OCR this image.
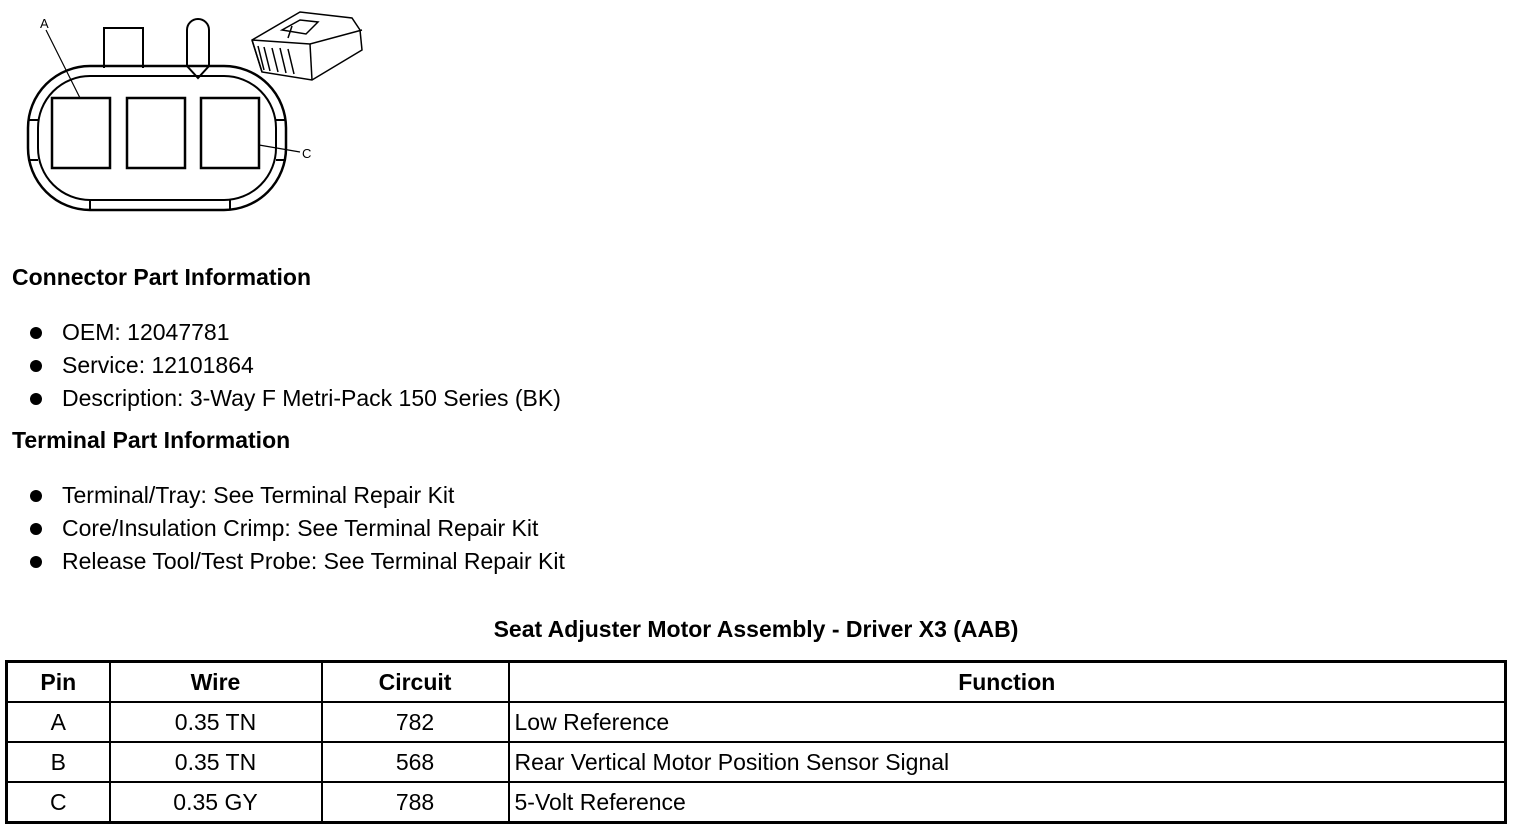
A
C
Connector Part Information
OEM: 12047781
Service: 12101864
Description: 3-Way F Metri-Pack 150 Series (BK)
Terminal Part Information
Terminal/Tray: See Terminal Repair Kit
Core/Insulation Crimp: See Terminal Repair Kit
Release Tool/Test Probe: See Terminal Repair Kit
Seat Adjuster Motor Assembly - Driver X3 (AAB)
Pin	Wire	Circuit	Function
A	0.35 TN	782	Low Reference
B	0.35 TN	568	Rear Vertical Motor Position Sensor Signal
C	0.35 GY	788	5-Volt Reference
